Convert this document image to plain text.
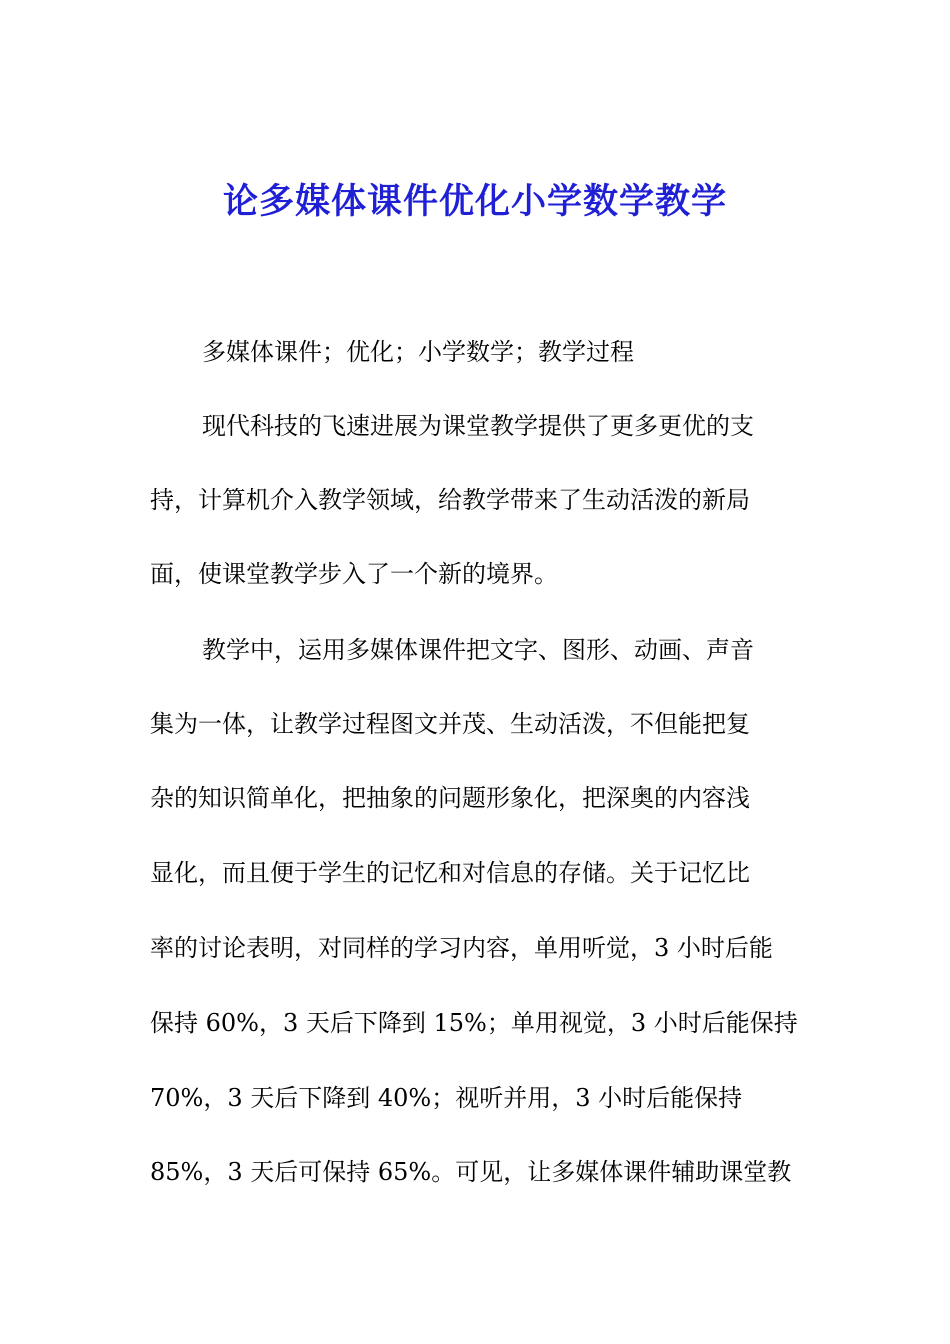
论多媒体课件优化小学数学教学
多媒体课件；优化；小学数学；教学过程
现代科技的飞速进展为课堂教学提供了更多更优的支
持，计算机介入教学领域，给教学带来了生动活泼的新局
面，使课堂教学步入了一个新的境界。
教学中，运用多媒体课件把文字、图形、动画、声音
集为一体，让教学过程图文并茂、生动活泼，不但能把复
杂的知识简单化，把抽象的问题形象化，把深奥的内容浅
显化，而且便于学生的记忆和对信息的存储。关于记忆比
率的讨论表明，对同样的学习内容，单用听觉，3 小时后能
保持 60%，3 天后下降到 15%；单用视觉，3 小时后能保持
70%，3 天后下降到 40%；视听并用，3 小时后能保持
85%，3 天后可保持 65%。可见，让多媒体课件辅助课堂教
